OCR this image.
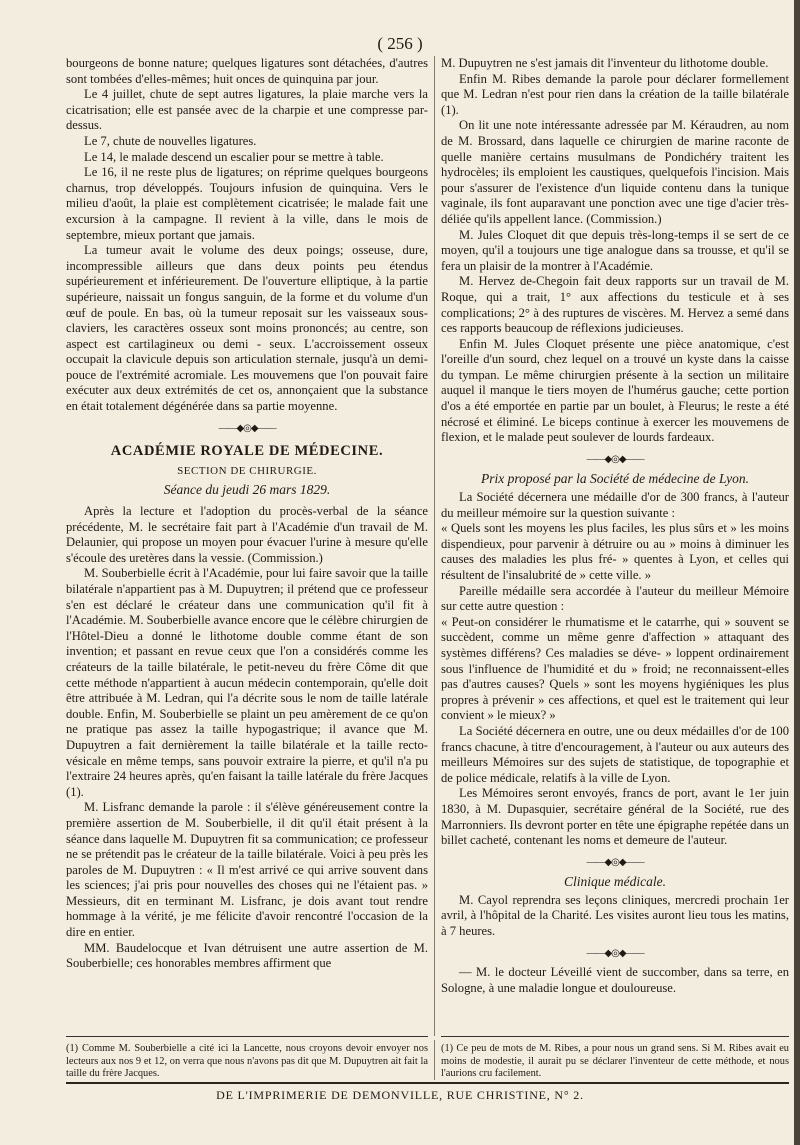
( 256 )

bourgeons de bonne nature; quelques ligatures sont détachées, d'autres sont tombées d'elles-mêmes; huit onces de quinquina par jour.

Le 4 juillet, chute de sept autres ligatures, la plaie marche vers la cicatrisation; elle est pansée avec de la charpie et une compresse par-dessus.

Le 7, chute de nouvelles ligatures.

Le 14, le malade descend un escalier pour se mettre à table.

Le 16, il ne reste plus de ligatures; on réprime quelques bourgeons charnus, trop développés. Toujours infusion de quinquina. Vers le milieu d'août, la plaie est complètement cicatrisée; le malade fait une excursion à la campagne. Il revient à la ville, dans le mois de septembre, mieux portant que jamais.

La tumeur avait le volume des deux poings; osseuse, dure, incompressible ailleurs que dans deux points peu étendus supérieurement et inférieurement. De l'ouverture elliptique, à la partie supérieure, naissait un fongus sanguin, de la forme et du volume d'un œuf de poule. En bas, où la tumeur reposait sur les vaisseaux sous-claviers, les caractères osseux sont moins prononcés; au centre, son aspect est cartilagineux ou demi - seux. L'accroissement osseux occupait la clavicule depuis son articulation sternale, jusqu'à un demi-pouce de l'extrémité acromiale. Les mouvemens que l'on pouvait faire exécuter aux deux extrémités de cet os, annonçaient que la substance en était totalement dégénérée dans sa partie moyenne.

——◆◎◆——
ACADÉMIE ROYALE DE MÉDECINE.
SECTION DE CHIRURGIE.
Séance du jeudi 26 mars 1829.

Après la lecture et l'adoption du procès-verbal de la séance précédente, M. le secrétaire fait part à l'Académie d'un travail de M. Delaunier, qui propose un moyen pour évacuer l'urine à mesure qu'elle s'écoule des uretères dans la vessie. (Commission.)

M. Souberbielle écrit à l'Académie, pour lui faire savoir que la taille bilatérale n'appartient pas à M. Dupuytren; il prétend que ce professeur s'en est déclaré le créateur dans une communication qu'il fit à l'Académie. M. Souberbielle avance encore que le célèbre chirurgien de l'Hôtel-Dieu a donné le lithotome double comme étant de son invention; et passant en revue ceux que l'on a considérés comme les créateurs de la taille bilatérale, le petit-neveu du frère Côme dit que cette méthode n'appartient à aucun médecin contemporain, qu'elle doit être attribuée à M. Ledran, qui l'a décrite sous le nom de taille latérale double. Enfin, M. Souberbielle se plaint un peu amèrement de ce qu'on ne pratique pas assez la taille hypogastrique; il avance que M. Dupuytren a fait dernièrement la taille bilatérale et la taille recto-vésicale en même temps, sans pouvoir extraire la pierre, et qu'il n'a pu l'extraire 24 heures après, qu'en faisant la taille latérale du frère Jacques (1).

M. Lisfranc demande la parole : il s'élève généreusement contre la première assertion de M. Souberbielle, il dit qu'il était présent à la séance dans laquelle M. Dupuytren fit sa communication; ce professeur ne se prétendit pas le créateur de la taille bilatérale. Voici à peu près les paroles de M. Dupuytren : « Il m'est arrivé ce qui arrive souvent dans les sciences; j'ai pris pour nouvelles des choses qui ne l'étaient pas. » Messieurs, dit en terminant M. Lisfranc, je dois avant tout rendre hommage à la vérité, je me félicite d'avoir rencontré l'occasion de la dire en entier.

MM. Baudelocque et Ivan détruisent une autre assertion de M. Souberbielle; ces honorables membres affirment que

M. Dupuytren ne s'est jamais dit l'inventeur du lithotome double.

Enfin M. Ribes demande la parole pour déclarer formellement que M. Ledran n'est pour rien dans la création de la taille bilatérale (1).

On lit une note intéressante adressée par M. Kéraudren, au nom de M. Brossard, dans laquelle ce chirurgien de marine raconte de quelle manière certains musulmans de Pondichéry traitent les hydrocèles; ils emploient les caustiques, quelquefois l'incision. Mais pour s'assurer de l'existence d'un liquide contenu dans la tunique vaginale, ils font auparavant une ponction avec une tige d'acier très-déliée qu'ils appellent lance. (Commission.)

M. Jules Cloquet dit que depuis très-long-temps il se sert de ce moyen, qu'il a toujours une tige analogue dans sa trousse, et qu'il se fera un plaisir de la montrer à l'Académie.

M. Hervez de-Chegoin fait deux rapports sur un travail de M. Roque, qui a trait, 1° aux affections du testicule et à ses complications; 2° à des ruptures de viscères. M. Hervez a semé dans ces rapports beaucoup de réflexions judicieuses.

Enfin M. Jules Cloquet présente une pièce anatomique, c'est l'oreille d'un sourd, chez lequel on a trouvé un kyste dans la caisse du tympan. Le même chirurgien présente à la section un militaire auquel il manque le tiers moyen de l'humérus gauche; cette portion d'os a été emportée en partie par un boulet, à Fleurus; le reste a été nécrosé et éliminé. Le biceps continue à exercer les mouvemens de flexion, et le malade peut soulever de lourds fardeaux.

——◆◎◆——
Prix proposé par la Société de médecine de Lyon.

La Société décernera une médaille d'or de 300 francs, à l'auteur du meilleur mémoire sur la question suivante :

« Quels sont les moyens les plus faciles, les plus sûrs et » les moins dispendieux, pour parvenir à détruire ou au » moins à diminuer les causes des maladies les plus fré- » quentes à Lyon, et celles qui résultent de l'insalubrité de » cette ville. »

Pareille médaille sera accordée à l'auteur du meilleur Mémoire sur cette autre question :

« Peut-on considérer le rhumatisme et le catarrhe, qui » souvent se succèdent, comme un même genre d'affection » attaquant des systèmes différens? Ces maladies se déve- » loppent ordinairement sous l'influence de l'humidité et du » froid; ne reconnaissent-elles pas d'autres causes? Quels » sont les moyens hygiéniques les plus propres à prévenir » ces affections, et quel est le traitement qui leur convient » le mieux? »

La Société décernera en outre, une ou deux médailles d'or de 100 francs chacune, à titre d'encouragement, à l'auteur ou aux auteurs des meilleurs Mémoires sur des sujets de statistique, de topographie et de police médicale, relatifs à la ville de Lyon.

Les Mémoires seront envoyés, francs de port, avant le 1er juin 1830, à M. Dupasquier, secrétaire général de la Société, rue des Marronniers. Ils devront porter en tête une épigraphe repétée dans un billet cacheté, contenant les noms et demeure de l'auteur.

——◆◎◆——
Clinique médicale.

M. Cayol reprendra ses leçons cliniques, mercredi prochain 1er avril, à l'hôpital de la Charité. Les visites auront lieu tous les matins, à 7 heures.

——◆◎◆——

— M. le docteur Léveillé vient de succomber, dans sa terre, en Sologne, à une maladie longue et douloureuse.

(1) Comme M. Souberbielle a cité ici la Lancette, nous croyons devoir envoyer nos lecteurs aux nos 9 et 12, on verra que nous n'avons pas dit que M. Dupuytren ait fait la taille du frère Jacques.
(1) Ce peu de mots de M. Ribes, a pour nous un grand sens. Si M. Ribes avait eu moins de modestie, il aurait pu se déclarer l'inventeur de cette méthode, et nous l'aurions cru facilement.
DE L'IMPRIMERIE DE DEMONVILLE, RUE CHRISTINE, N° 2.
